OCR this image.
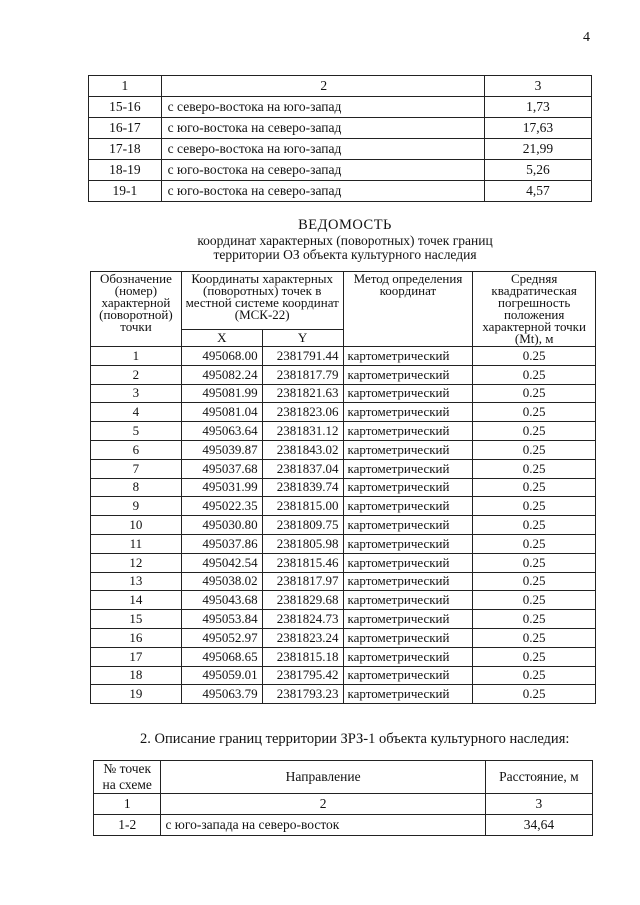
4
1	2	3
15-16	с северо-востока на юго-запад	1,73
16-17	с юго-востока на северо-запад	17,63
17-18	с северо-востока на юго-запад	21,99
18-19	с юго-востока на северо-запад	5,26
19-1	с юго-востока на северо-запад	4,57
ВЕДОМОСТЬ
координат характерных (поворотных) точек границ
территории ОЗ объекта культурного наследия
Обозначение (номер) характерной (поворотной) точки	Координаты характерных (поворотных) точек в местной системе координат (МСК-22)		Метод определения координат	Средняя квадратическая погрешность положения характерной точки (Mt), м
	X	Y		
1	495068.00	2381791.44	картометрический	0.25
2	495082.24	2381817.79	картометрический	0.25
3	495081.99	2381821.63	картометрический	0.25
4	495081.04	2381823.06	картометрический	0.25
5	495063.64	2381831.12	картометрический	0.25
6	495039.87	2381843.02	картометрический	0.25
7	495037.68	2381837.04	картометрический	0.25
8	495031.99	2381839.74	картометрический	0.25
9	495022.35	2381815.00	картометрический	0.25
10	495030.80	2381809.75	картометрический	0.25
11	495037.86	2381805.98	картометрический	0.25
12	495042.54	2381815.46	картометрический	0.25
13	495038.02	2381817.97	картометрический	0.25
14	495043.68	2381829.68	картометрический	0.25
15	495053.84	2381824.73	картометрический	0.25
16	495052.97	2381823.24	картометрический	0.25
17	495068.65	2381815.18	картометрический	0.25
18	495059.01	2381795.42	картометрический	0.25
19	495063.79	2381793.23	картометрический	0.25
2. Описание границ территории ЗРЗ-1 объекта культурного наследия:
№ точек на схеме	Направление	Расстояние, м
1	2	3
1-2	с юго-запада на северо-восток	34,64
